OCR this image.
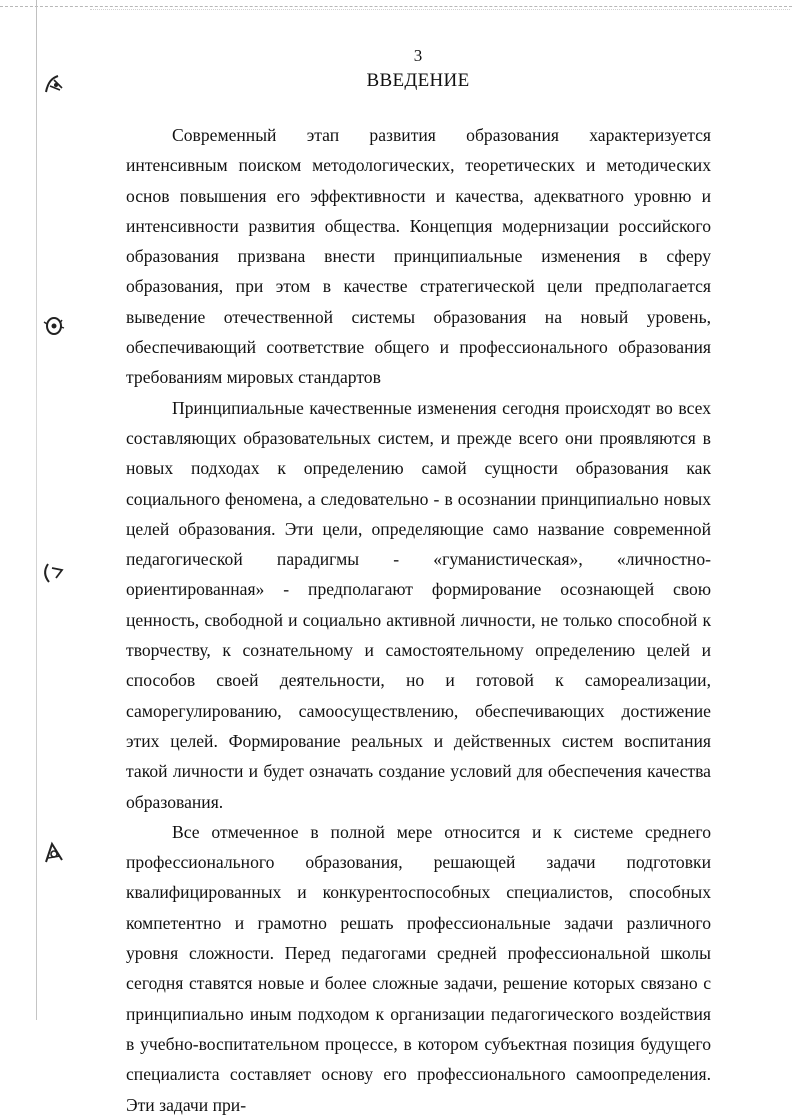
3
ВВЕДЕНИЕ

Современный этап развития образования характеризуется интенсивным поиском методологических, теоретических и методических основ повышения его эффективности и качества, адекватного уровню и интенсивности развития общества. Концепция модернизации российского образования призвана внести принципиальные изменения в сферу образования, при этом в качестве стратегической цели предполагается выведение отечественной системы образования на новый уровень, обеспечивающий соответствие общего и профессионального образования требованиям мировых стандартов

Принципиальные качественные изменения сегодня происходят во всех составляющих образовательных систем, и прежде всего они проявляются в новых подходах к определению самой сущности образования как социального феномена, а следовательно - в осознании принципиально новых целей образования. Эти цели, определяющие само название современной педагогической парадигмы - «гуманистическая», «личностно-ориентированная» - предполагают формирование осознающей свою ценность, свободной и социально активной личности, не только способной к творчеству, к сознательному и самостоятельному определению целей и способов своей деятельности, но и готовой к самореализации, саморегулированию, самоосуществлению, обеспечивающих достижение этих целей. Формирование реальных и действенных систем воспитания такой личности и будет означать создание условий для обеспечения качества образования.

Все отмеченное в полной мере относится и к системе среднего профессионального образования, решающей задачи подготовки квалифицированных и конкурентоспособных специалистов, способных компетентно и грамотно решать профессиональные задачи различного уровня сложности. Перед педагогами средней профессиональной школы сегодня ставятся новые и более сложные задачи, решение которых связано с принципиально иным подходом к организации педагогического воздействия в учебно-воспитательном процессе, в котором субъектная позиция будущего специалиста составляет основу его профессионального самоопределения. Эти задачи при-
